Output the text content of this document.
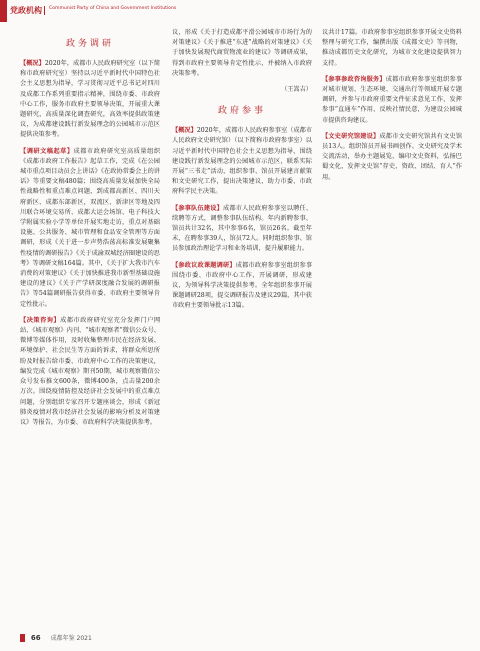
党政机构 Communist Party of China and Government Institutions
政务调研

【概况】2020年，成都市人民政府研究室（以下简称市政府研究室）坚持以习近平新时代中国特色社会主义思想为指导，学习贯彻习近平总书记对四川及成都工作系列重要指示精神，围绕市委、市政府中心工作，服务市政府主要领导决策，开展重大课题研究，高质量深化调查研究，高效率提供政策建议，为成都建设践行新发展理念的公园城市示范区提供决策参考。

【调研文稿起草】成都市政府研究室高质量组织《成都市政府工作报告》起草工作，完成《在公园城市重点项目动员会上讲话》《在政协常委会上的讲话》等重要文稿480篇；围绕高质量发展加快全局性战略性和重点难点问题，到成都高新区、四川天府新区、成都东部新区，双流区、新津区等地及四川联合环境交易所、成都大运会场馆、电子科技大学附属实验小学等单位开展实地走访，重点对基础设施、公共服务、城市管理和食品安全管理等方面调研，形成《关于进一步声势浩荡高标准发展聚集性疫情的调研报告》《关于成渝双城经济圈建设的思考》等调研文稿164篇。其中，《关于扩大我市汽车消费的对策建议》《关于加快推进我市新型基础设施建设的建议》《关于产学研深度融合发展的调研报告》等54篇调研报告获得市委、市政府主要领导肯定性批示。

【决策咨询】成都市政府研究室充分发挥门户网站、《城市观察》内刊、“城市观察者”微信公众号、微博等媒体作用，及时收集整理市民在经济发展、环境保护、社会民生等方面的诉求，将群众所思所盼及时报告给市委、市政府中心工作的决策建议，编发完成《城市观察》期刊50期，城市观察微信公众号发布推文600条，微博400条，点击量200余万次。围绕疫情防控及经济社会发展中的重点难点问题，分别组织专家召开专题座谈会，形成《新冠肺炎疫情对我市经济社会发展的影响分析及对策建议》等报告，为市委、市政府科学决策提供参考。

议，形成《关于打造成都平滑公园城市市场行为的对策建议》《关于推进“东进”战略的对策建议》《关于加快发展现代商贸物流业的建议》等调研成果，得到市政府主要领导肯定性批示，并被纳入市政府决策参考。

（王嵩吉）
政府参事

【概况】2020年，成都市人民政府参事室（成都市人民政府文史研究馆）（以下简称市政府参事室）以习近平新时代中国特色社会主义思想为指导，围绕建设践行新发展理念的公园城市示范区，联系实际开展“三书走”活动，组织参事、馆员开展建言献策和文史研究工作，提出决策建议，助力市委、市政府科学民主决策。

【参事队伍建设】成都市人民政府参事室以聘任、续聘等方式，调整参事队伍结构。年内新聘参事、馆员共计32名，其中参事6名，馆员26名。截至年末，在聘参事39人，馆员72人。同时组织参事、馆员参加政治理论学习和业务培训，提升履职能力。

【参政议政课题调研】成都市政府参事室组织参事围绕市委、市政府中心工作，开展调研，形成建议，为领导科学决策提供参考。全年组织参事开展课题调研28项，提交调研报告及建议29篇，其中获市政府主要领导批示13篇。

议共计17篇。市政府参事室组织参事开展文史资料整理与研究工作，编撰出版《成都文史》等刊物，推动成都历史文化研究，为城市文化建设提供智力支持。

【参事参政咨询服务】成都市政府参事室组织参事对城市规划、生态环境、交通出行等领域开展专题调研，并参与市政府重要文件征求意见工作，发挥参事“直通车”作用，反映社情民意，为建设公园城市提供咨询建议。

【文史研究馆建设】成都市文史研究馆共有文史馆员13人。组织馆员开展书画创作、文史研究及学术交流活动，举办主题展览，编印文史资料，弘扬巴蜀文化，发挥文史馆“存史、资政、团结、育人”作用。

66 成都年鉴 2021
